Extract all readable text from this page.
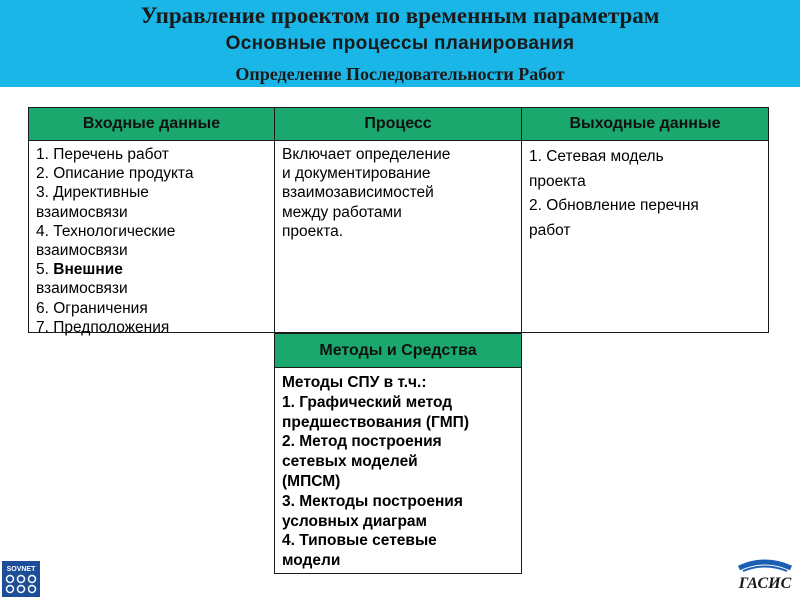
Управление проектом по временным параметрам
Основные процессы планирования
Определение Последовательности Работ
Входные данные	Процесс	Выходные данные
1. Перечень работ
2. Описание продукта
3. Директивные
взаимосвязи
4. Технологические
взаимосвязи
5. Внешние
взаимосвязи
6. Ограничения
7. Предположения
Включает определение
и документирование
взаимозависимостей
между работами
проекта.
1. Сетевая модель
проекта
2. Обновление перечня
работ
Методы и Средства
Методы СПУ в т.ч.:
1. Графический метод
предшествования (ГМП)
2. Метод построения
сетевых моделей
(МПСМ)
3. Мектоды построения
условных диаграм
4. Типовые сетевые
модели
SOVNET
ГАСИС
